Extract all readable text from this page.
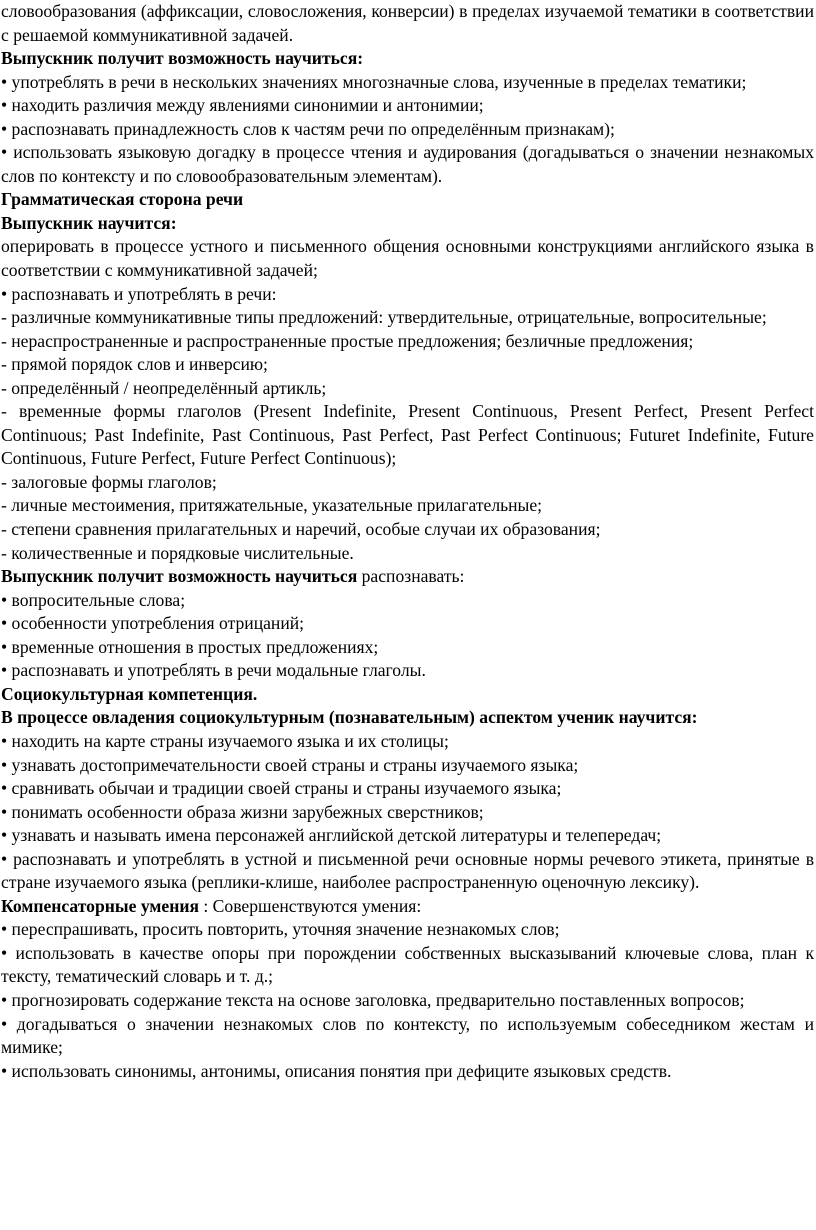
словообразования (аффиксации, словосложения, конверсии) в пределах изучаемой тематики в соответствии с решаемой коммуникативной задачей.

Выпускник получит возможность научиться:

• употреблять в речи в нескольких значениях многозначные слова, изученные в пределах тематики;

• находить различия между явлениями синонимии и антонимии;

• распознавать принадлежность слов к частям речи по определённым признакам);

• использовать языковую догадку в процессе чтения и аудирования (догадываться о значении незнакомых слов по контексту и по словообразовательным элементам).

Грамматическая сторона речи

Выпускник научится:

оперировать в процессе устного и письменного общения основными конструкциями английского языка в соответствии с коммуникативной задачей;

• распознавать и употреблять в речи:

- различные коммуникативные типы предложений: утвердительные, отрицательные, вопросительные;

- нераспространенные и распространенные простые предложения; безличные предложения;

- прямой порядок слов и инверсию;

- определённый / неопределённый артикль;

- временные формы глаголов (Present Indefinite, Present Continuous, Present Perfect, Present Perfect Continuous; Past Indefinite, Past Continuous, Past Perfect, Past Perfect Continuous; Futuret Indefinite, Future Continuous, Future Perfect, Future Perfect Continuous);

- залоговые формы глаголов;

- личные местоимения, притяжательные, указательные прилагательные;

- степени сравнения прилагательных и наречий, особые случаи их образования;

- количественные и порядковые числительные.

Выпускник получит возможность научиться распознавать:

• вопросительные слова;

• особенности употребления отрицаний;

• временные отношения в простых предложениях;

• распознавать и употреблять в речи модальные глаголы.

Социокультурная компетенция.

В процессе овладения социокультурным (познавательным) аспектом ученик научится:

• находить на карте страны изучаемого языка и их столицы;

• узнавать достопримечательности своей страны и страны изучаемого языка;

• сравнивать обычаи и традиции своей страны и страны изучаемого языка;

• понимать особенности образа жизни зарубежных сверстников;

• узнавать и называть имена персонажей английской детской литературы и телепередач;

• распознавать и употреблять в устной и письменной речи основные нормы речевого этикета, принятые в стране изучаемого языка (реплики-клише, наиболее распространенную оценочную лексику).

Компенсаторные умения : Совершенствуются умения:

• переспрашивать, просить повторить, уточняя значение незнакомых слов;

• использовать в качестве опоры при порождении собственных высказываний ключевые слова, план к тексту, тематический словарь и т. д.;

• прогнозировать содержание текста на основе заголовка, предварительно поставленных вопросов;

• догадываться о значении незнакомых слов по контексту, по используемым собеседником жестам и мимике;

• использовать синонимы, антонимы, описания понятия при дефиците языковых средств.
